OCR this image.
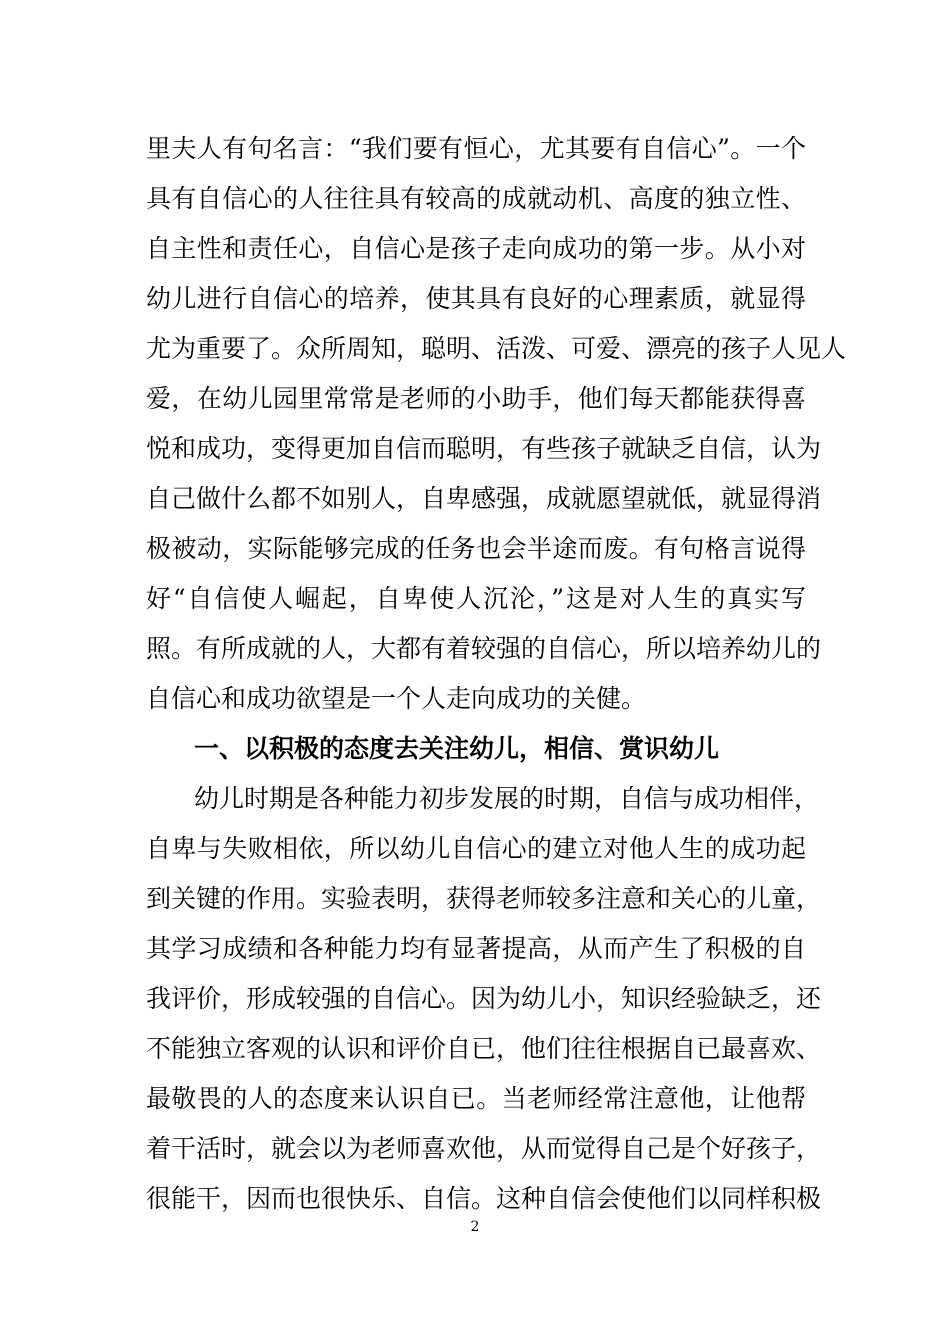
里夫人有句名言：“我们要有恒心，尤其要有自信心”。一个
具有自信心的人往往具有较高的成就动机、高度的独立性、
自主性和责任心，自信心是孩子走向成功的第一步。从小对
幼儿进行自信心的培养，使其具有良好的心理素质，就显得
尤为重要了。众所周知，聪明、活泼、可爱、漂亮的孩子人见人
爱，在幼儿园里常常是老师的小助手，他们每天都能获得喜
悦和成功，变得更加自信而聪明，有些孩子就缺乏自信，认为
自己做什么都不如别人，自卑感强，成就愿望就低，就显得消
极被动，实际能够完成的任务也会半途而废。有句格言说得
好“自信使人崛起，自卑使人沉沦，”这是对人生的真实写
照。有所成就的人，大都有着较强的自信心，所以培养幼儿的
自信心和成功欲望是一个人走向成功的关健。
一、以积极的态度去关注幼儿，相信、赏识幼儿
幼儿时期是各种能力初步发展的时期，自信与成功相伴，
自卑与失败相依，所以幼儿自信心的建立对他人生的成功起
到关键的作用。实验表明，获得老师较多注意和关心的儿童，
其学习成绩和各种能力均有显著提高，从而产生了积极的自
我评价，形成较强的自信心。因为幼儿小，知识经验缺乏，还
不能独立客观的认识和评价自已，他们往往根据自已最喜欢、
最敬畏的人的态度来认识自已。当老师经常注意他，让他帮
着干活时，就会以为老师喜欢他，从而觉得自己是个好孩子，
很能干，因而也很快乐、自信。这种自信会使他们以同样积极
2
